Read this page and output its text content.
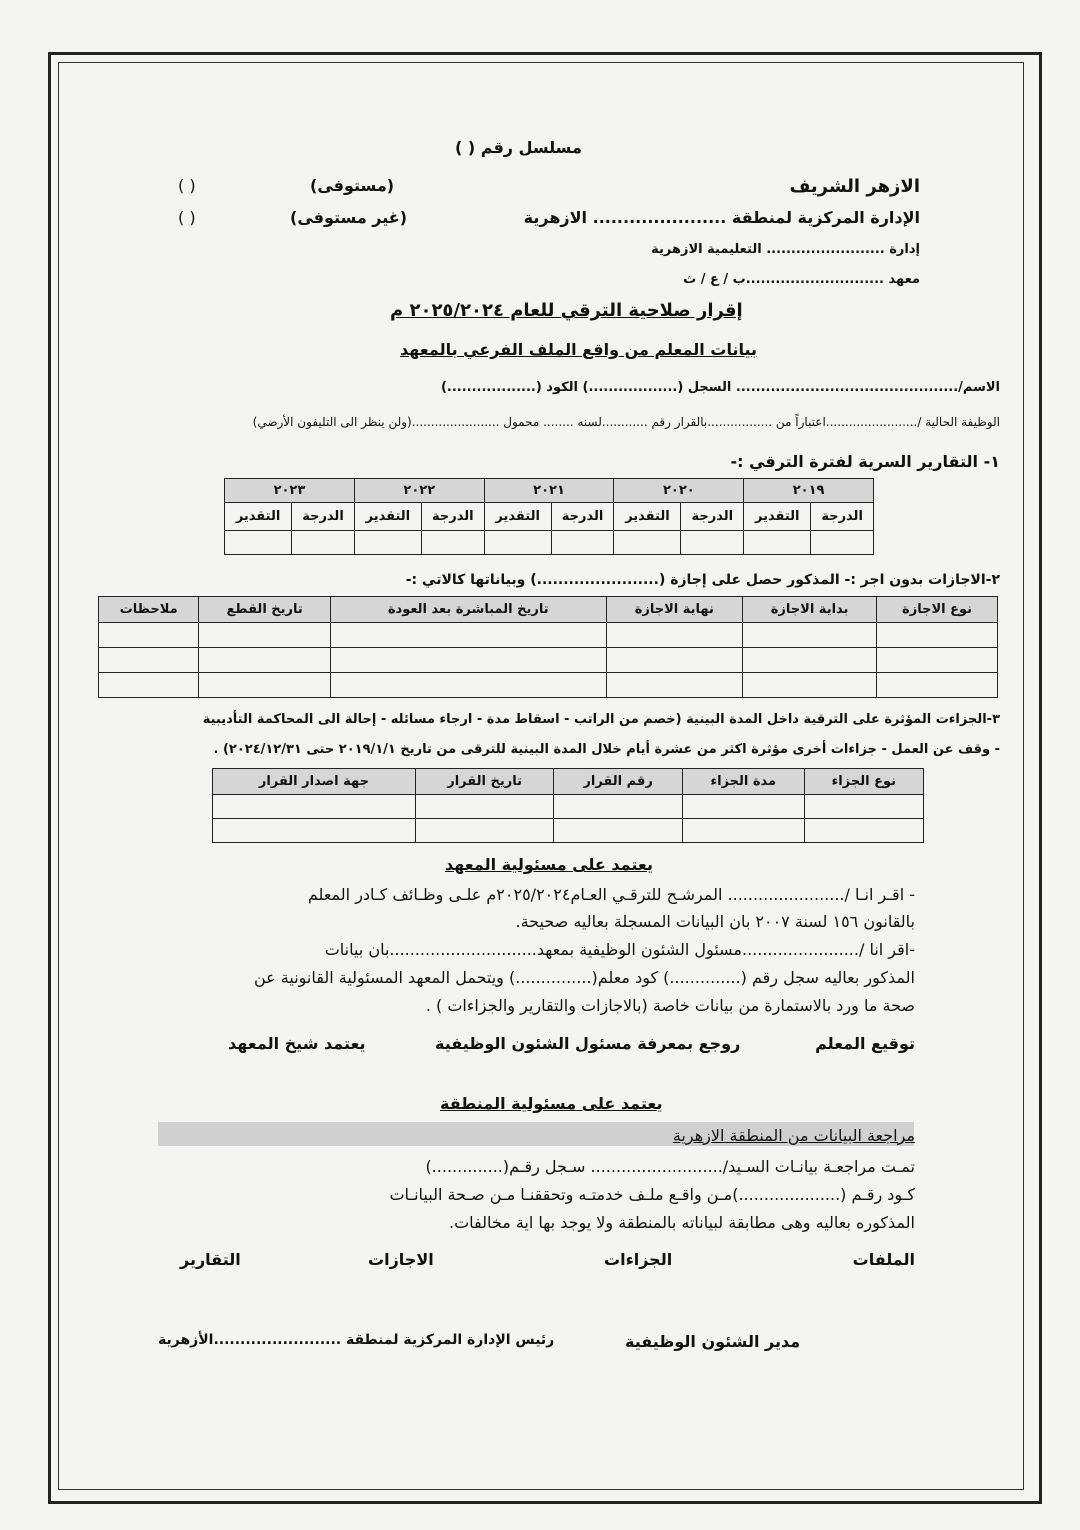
مسلسل رقم ( )
الازهر الشريف
الإدارة المركزية لمنطقة ...................... الازهرية
إدارة ........................ التعليمية الازهرية
معهد ............................ب / ع / ث
(مستوفى)
( )
(غير مستوفى)
( )
إقرار صلاحية الترقي للعام ٢٠٢٥/٢٠٢٤ م
بيانات المعلم من واقع الملف الفرعي بالمعهد
الاسم/............................................. السجل (..................) الكود (..................)
الوظيفة الحالية /........................اعتباراً من .................بالقرار رقم ............لسنه ........ محمول .......................(ولن ينظر الى التليفون الأرضي)
١- التقارير السرية لفترة الترقي :-
٢٠١٩		٢٠٢٠		٢٠٢١		٢٠٢٢		٢٠٢٣	
الدرجة	التقدير	الدرجة	التقدير	الدرجة	التقدير	الدرجة	التقدير	الدرجة	التقدير

٢-الاجازات بدون اجر :- المذكور حصل على إجازة (.......................) وبياناتها كالاتي :-
نوع الاجازة	بداية الاجازة	نهاية الاجازة	تاريخ المباشرة بعد العودة	تاريخ القطع	ملاحظات

٣-الجزاءت المؤثرة على الترقية داخل المدة البينية (خصم من الراتب - اسقاط مدة - ارجاء مسائله - إحالة الى المحاكمة التأديبية
- وقف عن العمل - جزاءات أخرى مؤثرة اكثر من عشرة أيام خلال المدة البينية للترقى من تاريخ ٢٠١٩/١/١ حتى ٢٠٢٤/١٢/٣١) .
نوع الجزاء	مدة الجزاء	رقم القرار	تاريخ القرار	جهة اصدار القرار

يعتمد على مسئولية المعهد
- اقـر انـا /....................... المرشـح للترقـي العـام٢٠٢٥/٢٠٢٤م علـى وظـائف كـادر المعلم
بالقانون ١٥٦ لسنة ٢٠٠٧ بان البيانات المسجلة بعاليه صحيحة.
-اقر انا /.......................مسئول الشئون الوظيفية بمعهد.............................بان بيانات
المذكور بعاليه سجل رقم (..............) كود معلم(...............) ويتحمل المعهد المسئولية القانونية عن
صحة ما ورد بالاستمارة من بيانات خاصة (بالاجازات والتقارير والجزاءات ) .
توقيع المعلم
روجع بمعرفة مسئول الشئون الوظيفية
يعتمد شيخ المعهد
يعتمد على مسئولية المنطقة
مراجعة البيانات من المنطقة الازهرية
تمـت مراجعـة بيانـات السـيد/.......................... سـجل رقـم(..............)
كـود رقـم (....................)مـن واقـع ملـف خدمتـه وتحققنـا مـن صـحة البيانـات
المذكوره بعاليه وهى مطابقة لبياناته بالمنطقة ولا يوجد بها اية مخالفات.
الملفات
الجزاءات
الاجازات
التقارير
مدير الشئون الوظيفية
رئيس الإدارة المركزية لمنطقة ........................الأزهرية
